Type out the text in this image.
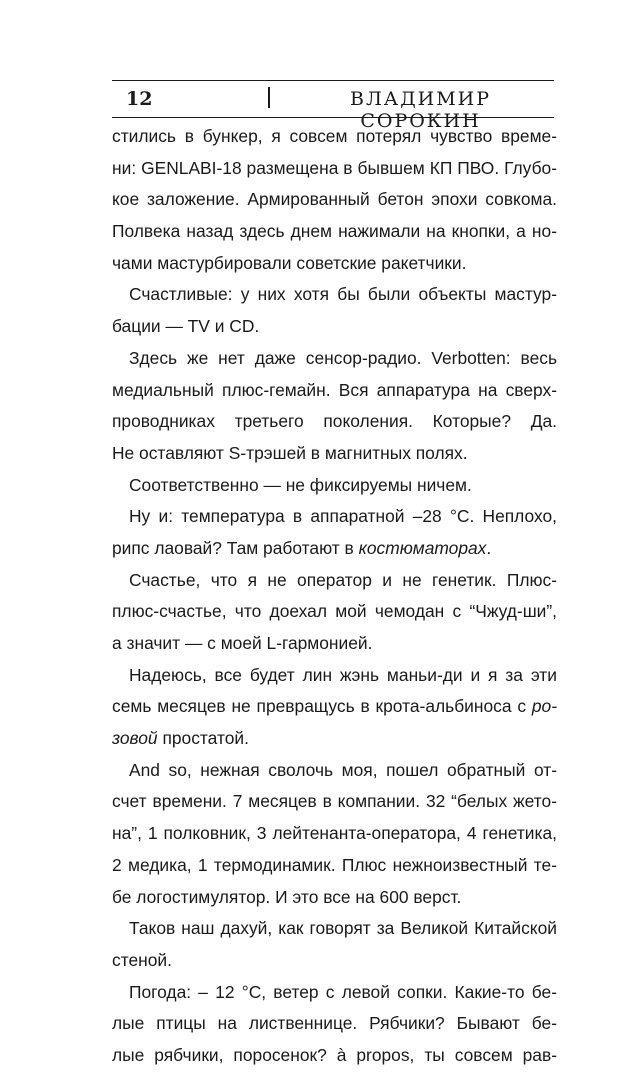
12	ВЛАДИМИР СОРОКИН
стились в бункер, я совсем потерял чувство време-
ни: GENLABI-18 размещена в бывшем КП ПВО. Глубо-
кое заложение. Армированный бетон эпохи совкома.
Полвека назад здесь днем нажимали на кнопки, а но-
чами мастурбировали советские ракетчики.
Счастливые: у них хотя бы были объекты мастур-
бации — TV и CD.
Здесь же нет даже сенсор-радио. Verbotten: весь
медиальный плюс-гемайн. Вся аппаратура на сверх-
проводниках третьего поколения. Которые? Да.
Не оставляют S-трэшей в магнитных полях.
Соответственно — не фиксируемы ничем.
Ну и: температура в аппаратной –28 °С. Неплохо,
рипс лаовай? Там работают в костюматорах.
Счастье, что я не оператор и не генетик. Плюс-
плюс-счастье, что доехал мой чемодан с “Чжуд-ши”,
а значит — с моей L-гармонией.
Надеюсь, все будет лин жэнь маньи-ди и я за эти
семь месяцев не превращусь в крота-альбиноса с ро-
зовой простатой.
And so, нежная сволочь моя, пошел обратный от-
счет времени. 7 месяцев в компании. 32 “белых жето-
на”, 1 полковник, 3 лейтенанта-оператора, 4 генетика,
2 медика, 1 термодинамик. Плюс нежноизвестный те-
бе логостимулятор. И это все на 600 верст.
Таков наш дахуй, как говорят за Великой Китайской
стеной.
Погода: – 12 °С, ветер с левой сопки. Какие-то бе-
лые птицы на лиственнице. Рябчики? Бывают бе-
лые рябчики, поросенок? à propos, ты совсем рав-
